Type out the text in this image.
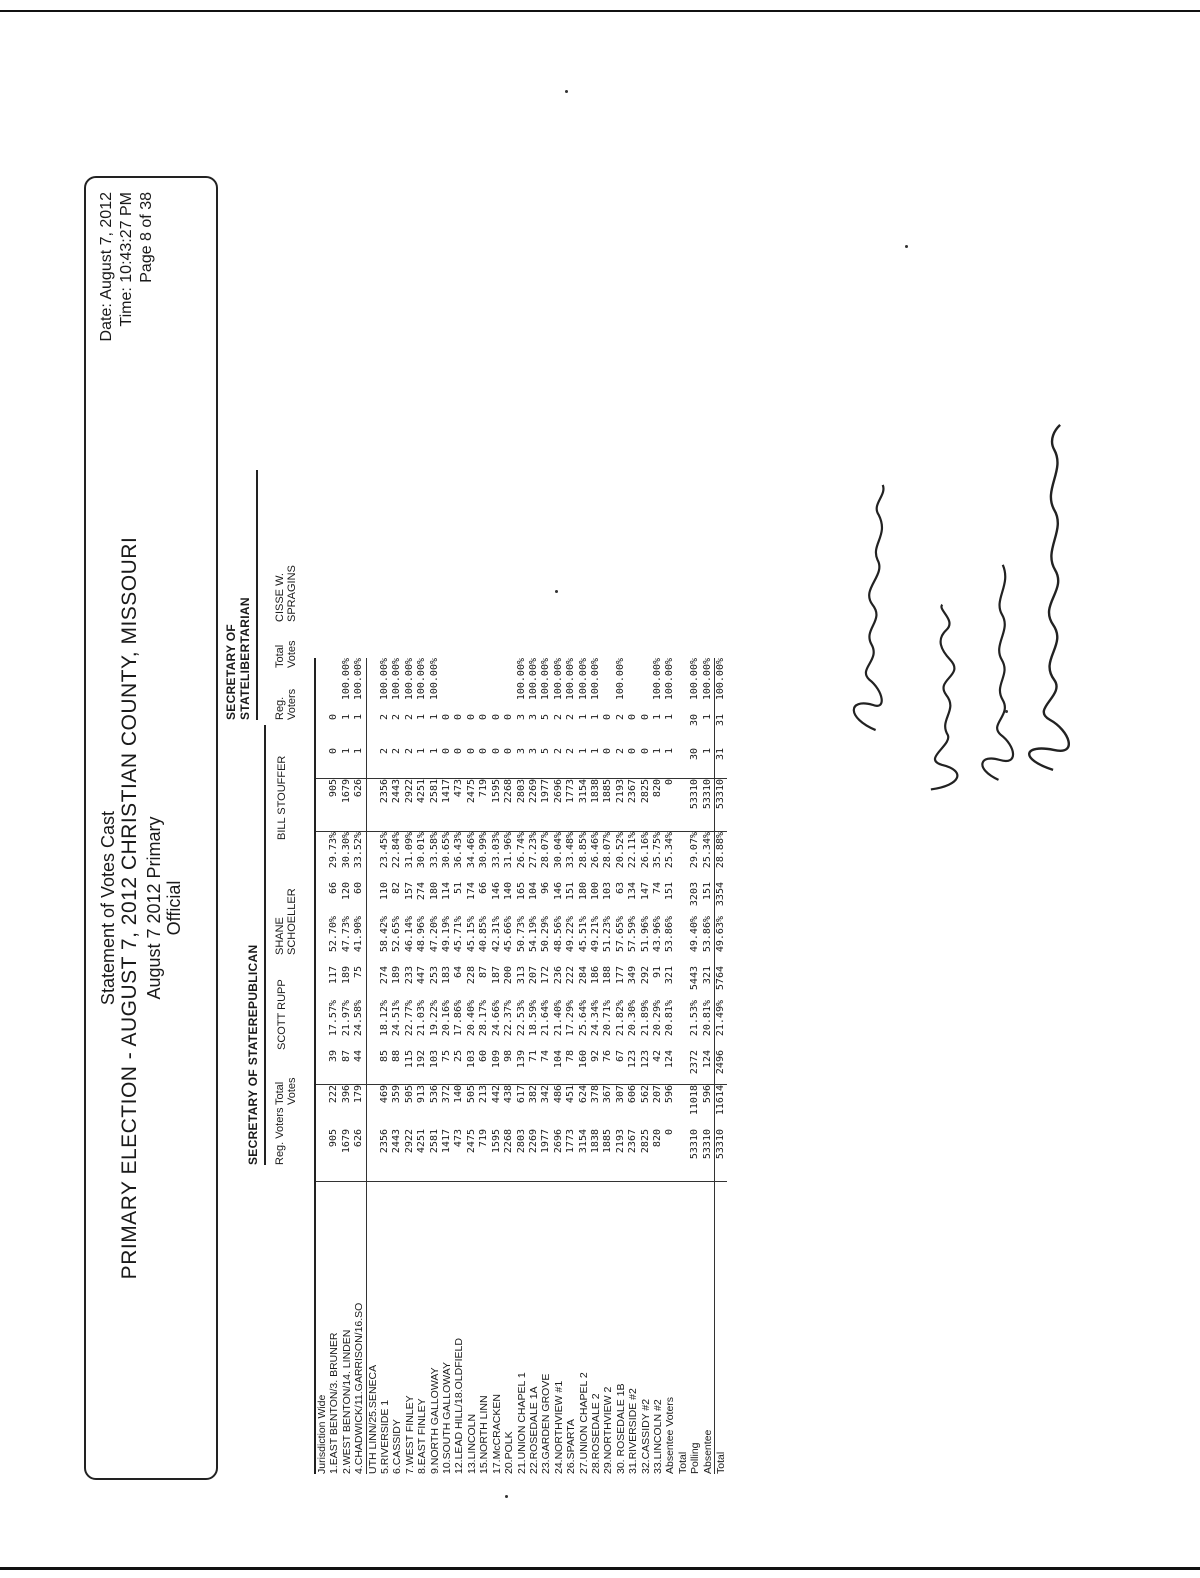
Statement of Votes Cast PRIMARY ELECTION - AUGUST 7, 2012 CHRISTIAN COUNTY, MISSOURI August 7 2012 Primary Official
Date: August 7, 2012 Time: 10:43:27 PM Page 8 of 38
SECRETARY OF STATEREPUBLICAN
SECRETARY OF STATELIBERTARIAN
Reg. Voters
Total Votes
SCOTT RUPP
SHANE SCHOELLER
BILL STOUFFER
Reg. Voters
Total Votes
CISSE W. SPRAGINS
Jurisdiction Wide												
1.EAST BENTON/3. BRUNER	905	222	39	17.57%	117	52.70%	66	29.73%	905	0	0	
2.WEST BENTON/14. LINDEN	1679	396	87	21.97%	189	47.73%	120	30.30%	1679	1	1	100.00%
4.CHADWICK/11.GARRISON/16.SO	626	179	44	24.58%	75	41.90%	60	33.52%	626	1	1	100.00%
UTH LINN/25.SENECA												
5.RIVERSIDE 1	2356	469	85	18.12%	274	58.42%	110	23.45%	2356	2	2	100.00%
6.CASSIDY	2443	359	88	24.51%	189	52.65%	82	22.84%	2443	2	2	100.00%
7.WEST FINLEY	2922	505	115	22.77%	233	46.14%	157	31.09%	2922	2	2	100.00%
8.EAST FINLEY	4251	913	192	21.03%	447	48.96%	274	30.01%	4251	1	1	100.00%
9.NORTH GALLOWAY	2581	536	103	19.22%	253	47.20%	180	33.58%	2581	1	1	100.00%
10.SOUTH GALLOWAY	1417	372	75	20.16%	183	49.19%	114	30.65%	1417	0	0	
12.LEAD HILL/18.OLDFIELD	473	140	25	17.86%	64	45.71%	51	36.43%	473	0	0	
13.LINCOLN	2475	505	103	20.40%	228	45.15%	174	34.46%	2475	0	0	
15.NORTH LINN	719	213	60	28.17%	87	40.85%	66	30.99%	719	0	0	
17.McCRACKEN	1595	442	109	24.66%	187	42.31%	146	33.03%	1595	0	0	
20.POLK	2268	438	98	22.37%	200	45.66%	140	31.96%	2268	0	0	
21.UNION CHAPEL 1	2803	617	139	22.53%	313	50.73%	165	26.74%	2803	3	3	100.00%
22.ROSEDALE 1A	2269	382	71	18.59%	207	54.19%	104	27.23%	2269	3	3	100.00%
23.GARDEN GROVE	1977	342	74	21.64%	172	50.29%	96	28.07%	1977	5	5	100.00%
24.NORTHVIEW #1	2696	486	104	21.40%	236	48.56%	146	30.04%	2696	2	2	100.00%
26.SPARTA	1773	451	78	17.29%	222	49.22%	151	33.48%	1773	2	2	100.00%
27.UNION CHAPEL 2	3154	624	160	25.64%	284	45.51%	180	28.85%	3154	1	1	100.00%
28.ROSEDALE 2	1838	378	92	24.34%	186	49.21%	100	26.46%	1838	1	1	100.00%
29.NORTHVIEW 2	1885	367	76	20.71%	188	51.23%	103	28.07%	1885	0	0	
30. ROSEDALE 1B	2193	307	67	21.82%	177	57.65%	63	20.52%	2193	2	2	100.00%
31.RIVERSIDE #2	2367	606	123	20.30%	349	57.59%	134	22.11%	2367	0	0	
32.CASSIDY #2	2825	562	123	21.89%	292	51.96%	147	26.16%	2825	0	0	
33.LINCOLN #2	820	207	42	20.29%	91	43.96%	74	35.75%	820	1	1	100.00%
Absentee Voters	0	596	124	20.81%	321	53.86%	151	25.34%	0	1	1	100.00%
Total												
Polling	53310	11018	2372	21.53%	5443	49.40%	3203	29.07%	53310	30	30	100.00%
Absentee	53310	596	124	20.81%	321	53.86%	151	25.34%	53310	1	1	100.00%
Total	53310	11614	2496	21.49%	5764	49.63%	3354	28.88%	53310	31	31	100.00%
